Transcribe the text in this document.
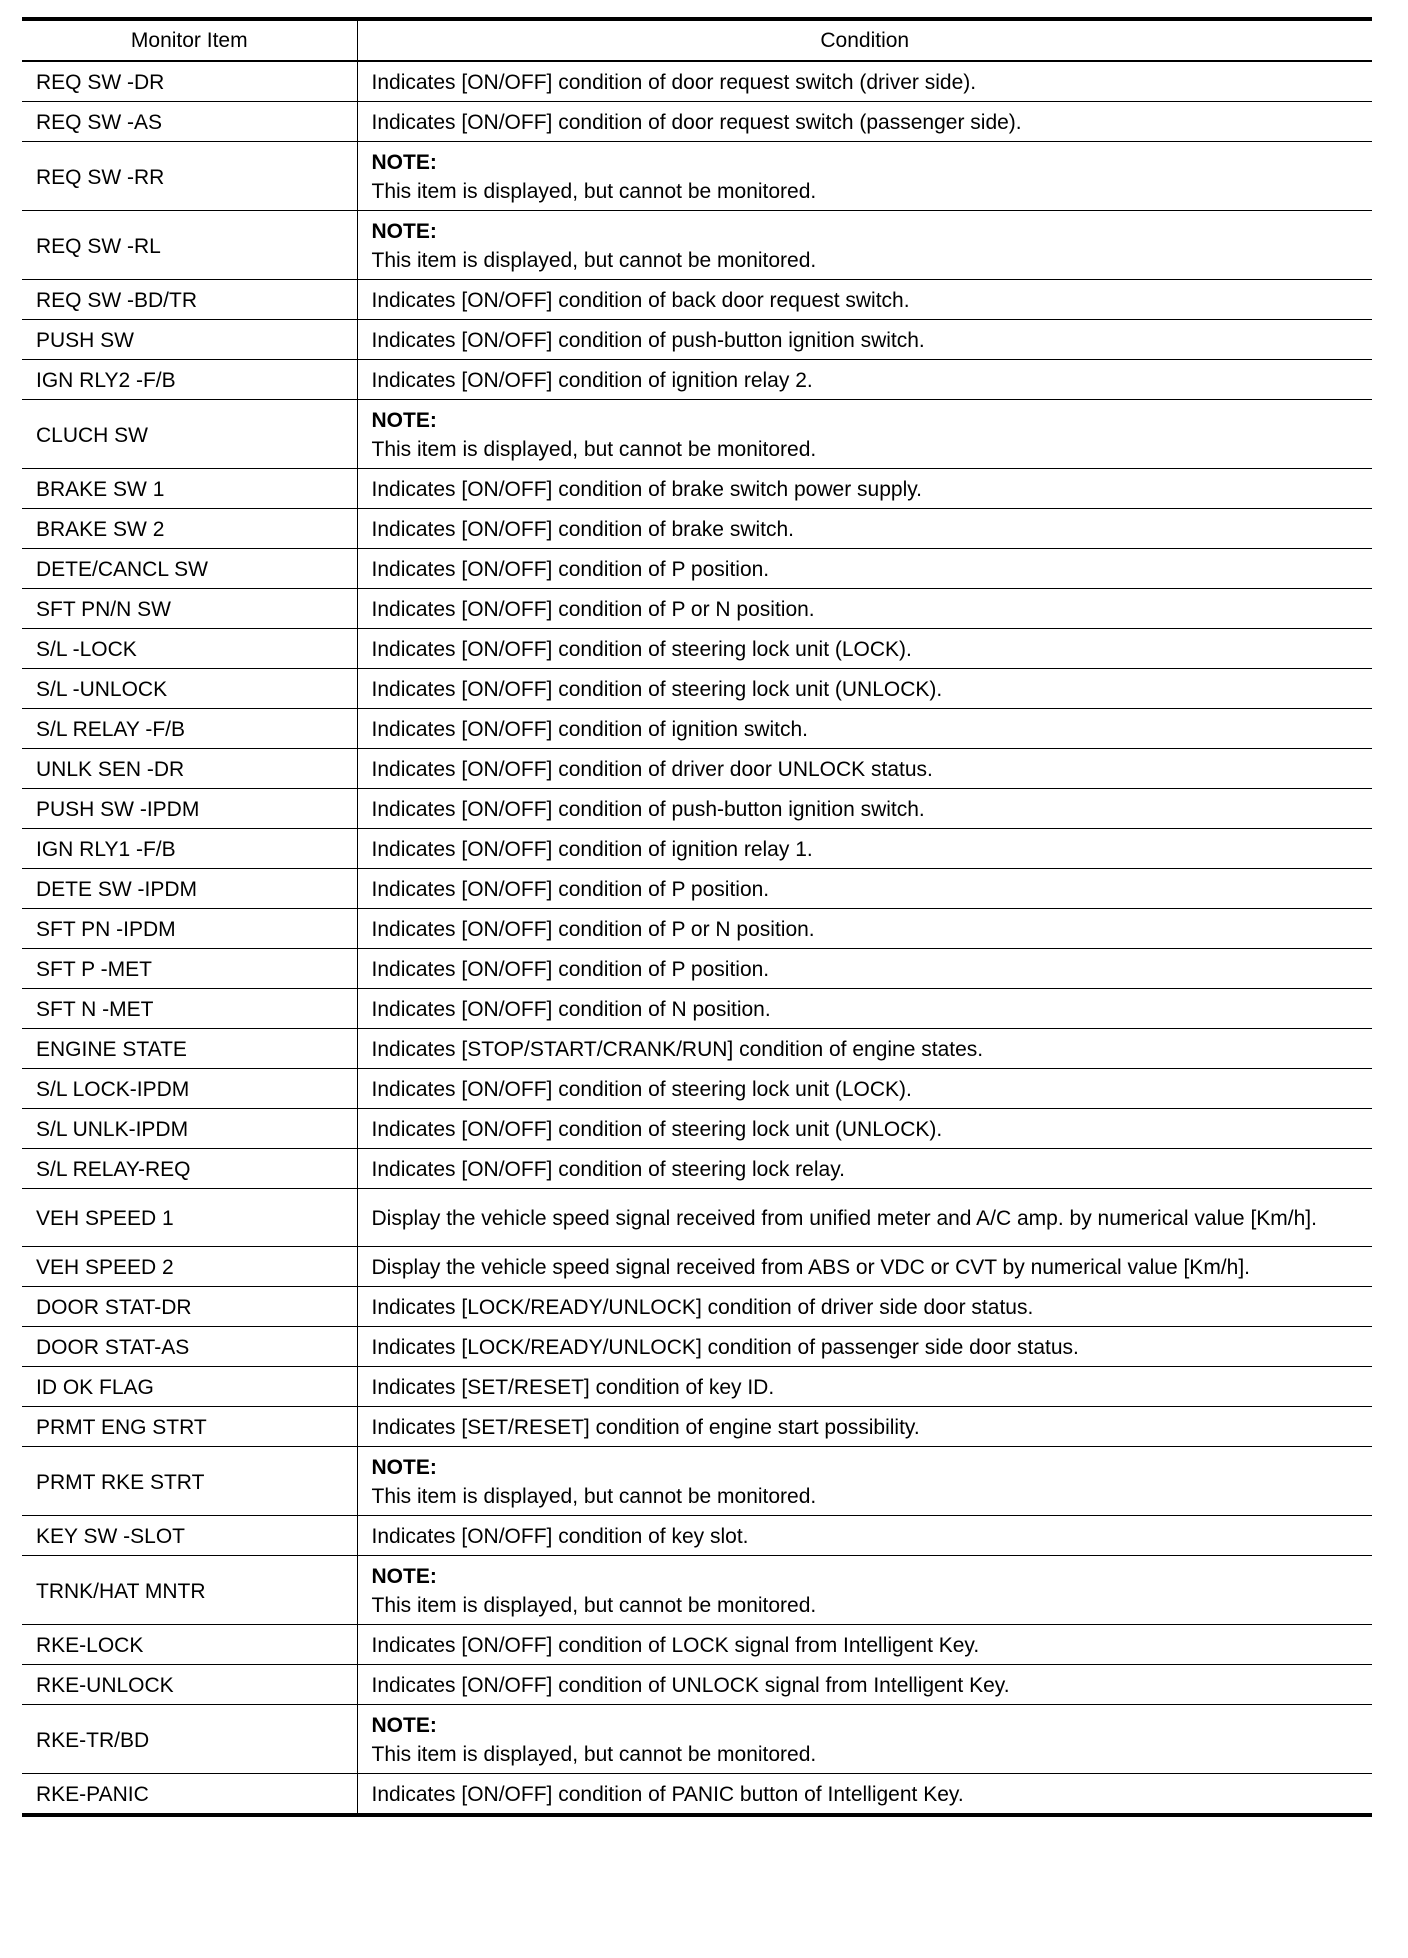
Monitor Item	Condition
REQ SW -DR	Indicates [ON/OFF] condition of door request switch (driver side).

REQ SW -AS	Indicates [ON/OFF] condition of door request switch (passenger side).

REQ SW -RR	NOTE:
This item is displayed, but cannot be monitored.

REQ SW -RL	NOTE:
This item is displayed, but cannot be monitored.

REQ SW -BD/TR	Indicates [ON/OFF] condition of back door request switch.

PUSH SW	Indicates [ON/OFF] condition of push-button ignition switch.

IGN RLY2 -F/B	Indicates [ON/OFF] condition of ignition relay 2.

CLUCH SW	NOTE:
This item is displayed, but cannot be monitored.

BRAKE SW 1	Indicates [ON/OFF] condition of brake switch power supply.

BRAKE SW 2	Indicates [ON/OFF] condition of brake switch.

DETE/CANCL SW	Indicates [ON/OFF] condition of P position.

SFT PN/N SW	Indicates [ON/OFF] condition of P or N position.

S/L -LOCK	Indicates [ON/OFF] condition of steering lock unit (LOCK).

S/L -UNLOCK	Indicates [ON/OFF] condition of steering lock unit (UNLOCK).

S/L RELAY -F/B	Indicates [ON/OFF] condition of ignition switch.

UNLK SEN -DR	Indicates [ON/OFF] condition of driver door UNLOCK status.

PUSH SW -IPDM	Indicates [ON/OFF] condition of push-button ignition switch.

IGN RLY1 -F/B	Indicates [ON/OFF] condition of ignition relay 1.

DETE SW -IPDM	Indicates [ON/OFF] condition of P position.

SFT PN -IPDM	Indicates [ON/OFF] condition of P or N position.

SFT P -MET	Indicates [ON/OFF] condition of P position.

SFT N -MET	Indicates [ON/OFF] condition of N position.

ENGINE STATE	Indicates [STOP/START/CRANK/RUN] condition of engine states.

S/L LOCK-IPDM	Indicates [ON/OFF] condition of steering lock unit (LOCK).

S/L UNLK-IPDM	Indicates [ON/OFF] condition of steering lock unit (UNLOCK).

S/L RELAY-REQ	Indicates [ON/OFF] condition of steering lock relay.

VEH SPEED 1	Display the vehicle speed signal received from unified meter and A/C amp. by numerical value [Km/h].

VEH SPEED 2	Display the vehicle speed signal received from ABS or VDC or CVT by numerical value [Km/h].

DOOR STAT-DR	Indicates [LOCK/READY/UNLOCK] condition of driver side door status.

DOOR STAT-AS	Indicates [LOCK/READY/UNLOCK] condition of passenger side door status.

ID OK FLAG	Indicates [SET/RESET] condition of key ID.

PRMT ENG STRT	Indicates [SET/RESET] condition of engine start possibility.

PRMT RKE STRT	NOTE:
This item is displayed, but cannot be monitored.

KEY SW -SLOT	Indicates [ON/OFF] condition of key slot.

TRNK/HAT MNTR	NOTE:
This item is displayed, but cannot be monitored.

RKE-LOCK	Indicates [ON/OFF] condition of LOCK signal from Intelligent Key.

RKE-UNLOCK	Indicates [ON/OFF] condition of UNLOCK signal from Intelligent Key.

RKE-TR/BD	NOTE:
This item is displayed, but cannot be monitored.

RKE-PANIC	Indicates [ON/OFF] condition of PANIC button of Intelligent Key.
